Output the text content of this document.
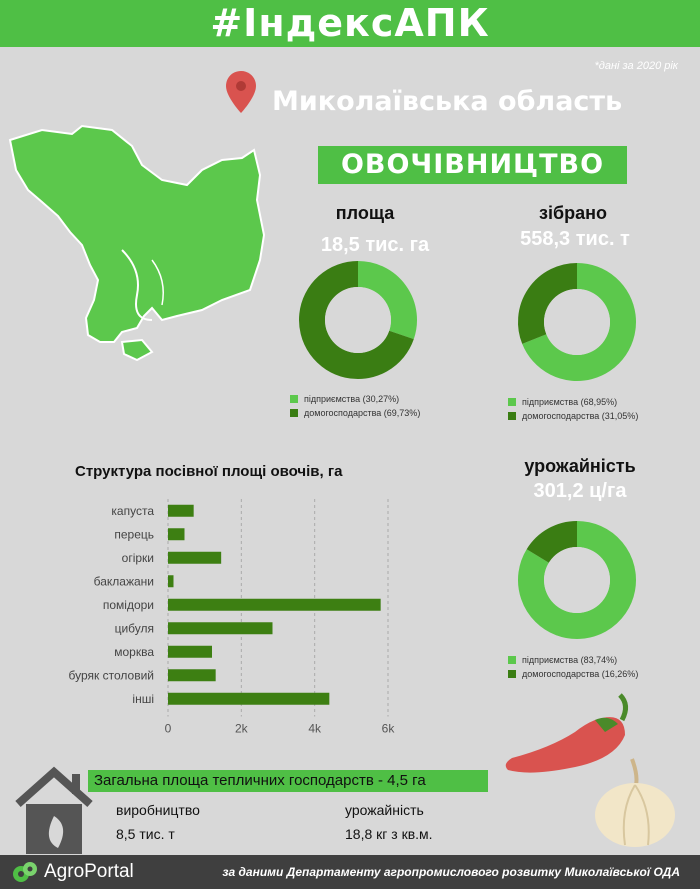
#ІндексАПК
*дані за 2020 рік
Миколаївська область
ОВОЧІВНИЦТВО
площа
18,5 тис. га
підприємства (30,27%)
домогосподарства (69,73%)
зібрано
558,3 тис. т
підприємства (68,95%)
домогосподарства (31,05%)
Структура посівної площі овочів, га
0	2k	4k	6k
капуста
перець
огірки
баклажани
помідори
цибуля
морква
буряк столовий
інші
урожайність
301,2 ц/га
підприємства (83,74%)
домогосподарства (16,26%)
Загальна площа тепличних господарств - 4,5 га
виробництво
8,5 тис. т
урожайність
18,8 кг з кв.м.
AgroPortal	за даними Департаменту агропромислового розвитку Миколаївської ОДА
